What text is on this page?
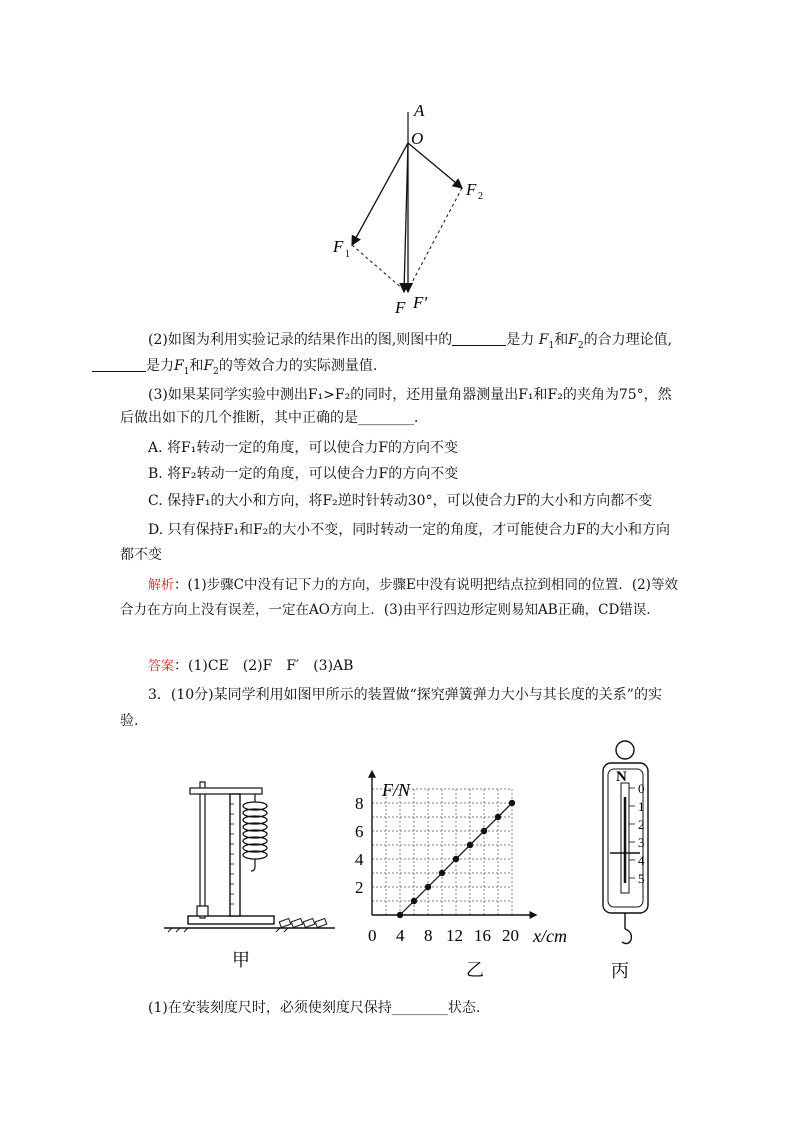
A
O
F F'
F 1
F 2

(2)如图为利用实验记录的结果作出的图,则图中的	是力 $F_1$和$F_2$的合力理论值,
是力$F_1$和$F_2$的等效合力的实际测量值.

(3)如果某同学实验中测出F₁>F₂的同时，还用量角器测量出F₁和F₂的夹角为75°，然后做出如下的几个推断，其中正确的是________．

A. 将F₁转动一定的角度，可以使合力F的方向不变

B. 将F₂转动一定的角度，可以使合力F的方向不变

C. 保持F₁的大小和方向，将F₂逆时针转动30°，可以使合力F的大小和方向都不变

D. 只有保持F₁和F₂的大小不变，同时转动一定的角度，才可能使合力F的大小和方向都不变

解析：(1)步骤C中没有记下力的方向，步骤E中没有说明把结点拉到相同的位置．(2)等效合力在方向上没有误差，一定在AO方向上．(3)由平行四边形定则易知AB正确，CD错误.

答案：(1)CE　(2)F　F′　(3)AB

3．(10分)某同学利用如图甲所示的装置做“探究弹簧弹力大小与其长度的关系”的实验.

甲
0 4 8 12 16 20
2
4
6
8
F/N
x/cm
乙
N
0
1
2
3
4
5
丙

(1)在安装刻度尺时，必须使刻度尺保持________状态.
